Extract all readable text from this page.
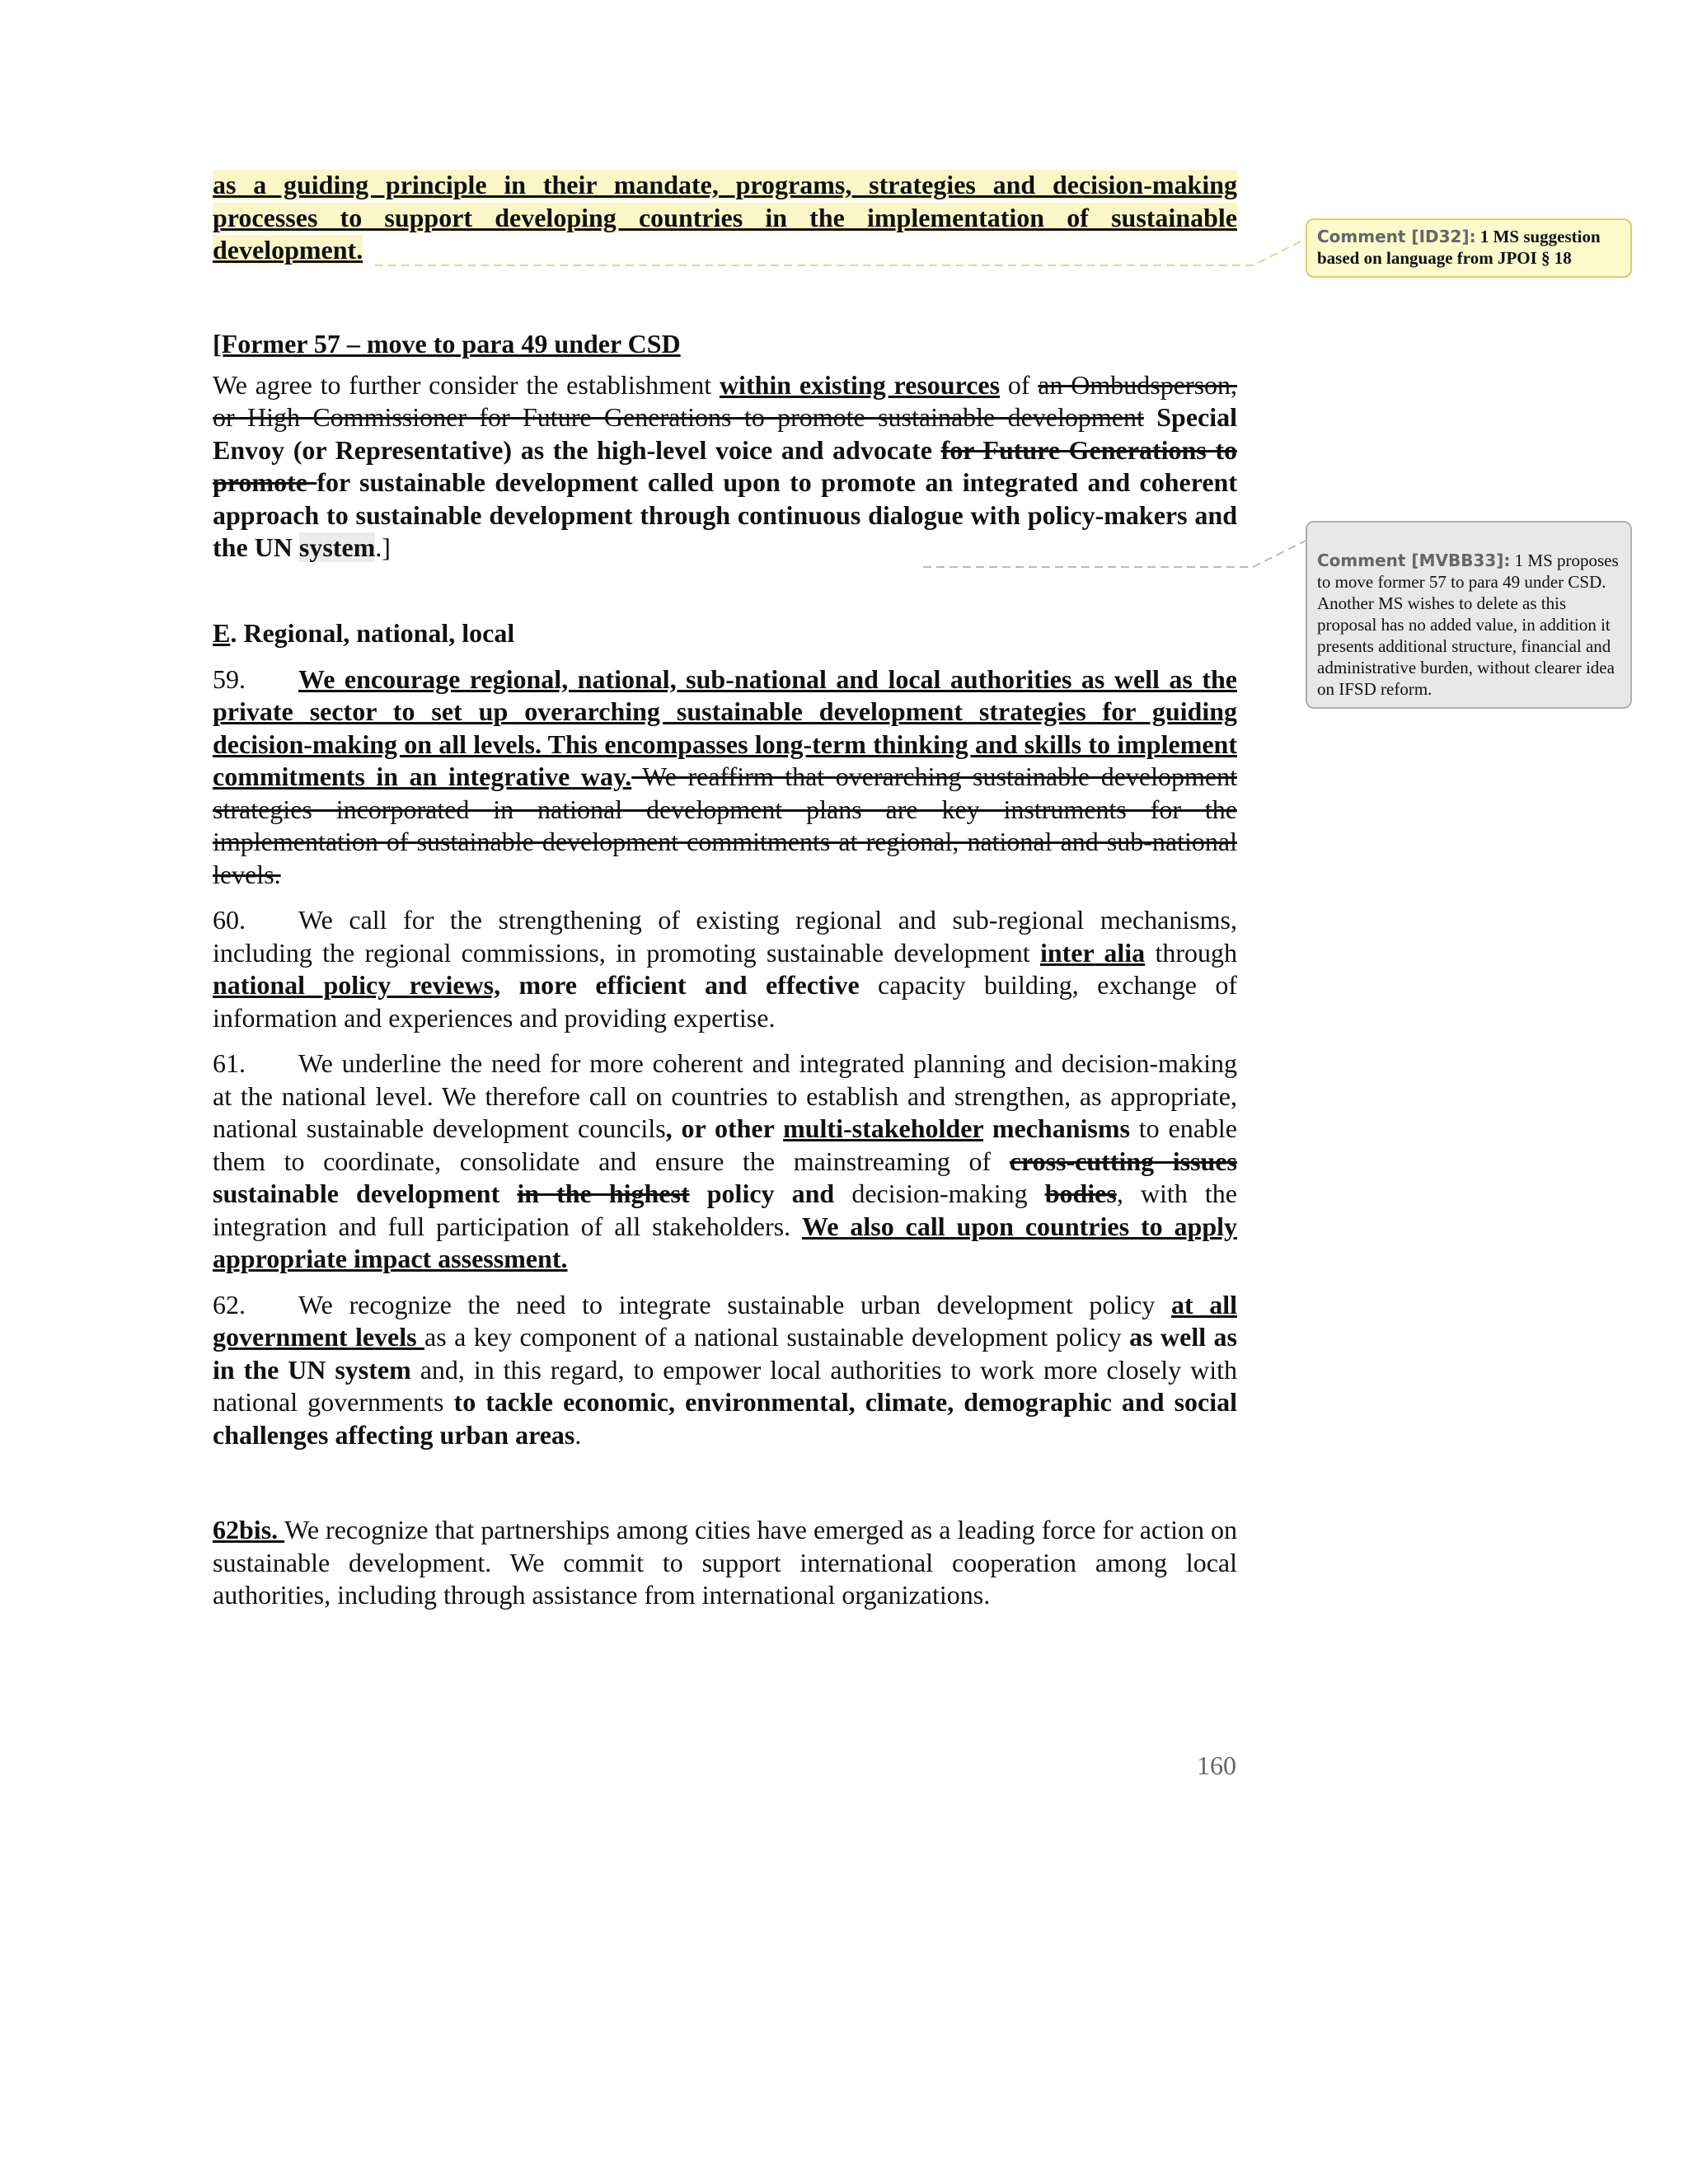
as a guiding principle in their mandate, programs, strategies and decision-making processes to support developing countries in the implementation of sustainable development.

[Former 57 – move to para 49 under CSD

We agree to further consider the establishment within existing resources of an Ombudsperson, or High Commissioner for Future Generations to promote sustainable development Special Envoy (or Representative) as the high-level voice and advocate for Future Generations to promote for sustainable development called upon to promote an integrated and coherent approach to sustainable development through continuous dialogue with policy-makers and the UN system.]

E. Regional, national, local

59. We encourage regional, national, sub-national and local authorities as well as the private sector to set up overarching sustainable development strategies for guiding decision-making on all levels. This encompasses long-term thinking and skills to implement commitments in an integrative way. We reaffirm that overarching sustainable development strategies incorporated in national development plans are key instruments for the implementation of sustainable development commitments at regional, national and sub-national levels.

60. We call for the strengthening of existing regional and sub-regional mechanisms, including the regional commissions, in promoting sustainable development inter alia through national policy reviews, more efficient and effective capacity building, exchange of information and experiences and providing expertise.

61. We underline the need for more coherent and integrated planning and decision-making at the national level. We therefore call on countries to establish and strengthen, as appropriate, national sustainable development councils, or other multi-stakeholder mechanisms to enable them to coordinate, consolidate and ensure the mainstreaming of cross-cutting issues sustainable development in the highest policy and decision-making bodies, with the integration and full participation of all stakeholders. We also call upon countries to apply appropriate impact assessment.

62. We recognize the need to integrate sustainable urban development policy at all government levels as a key component of a national sustainable development policy as well as in the UN system and, in this regard, to empower local authorities to work more closely with national governments to tackle economic, environmental, climate, demographic and social challenges affecting urban areas.

62bis. We recognize that partnerships among cities have emerged as a leading force for action on sustainable development. We commit to support international cooperation among local authorities, including through assistance from international organizations.

Comment [ID32]: 1 MS suggestion based on language from JPOI § 18

Comment [MVBB33]: 1 MS proposes to move former 57 to para 49 under CSD.
Another MS wishes to delete as this proposal has no added value, in addition it presents additional structure, financial and administrative burden, without clearer idea on IFSD reform.

160
